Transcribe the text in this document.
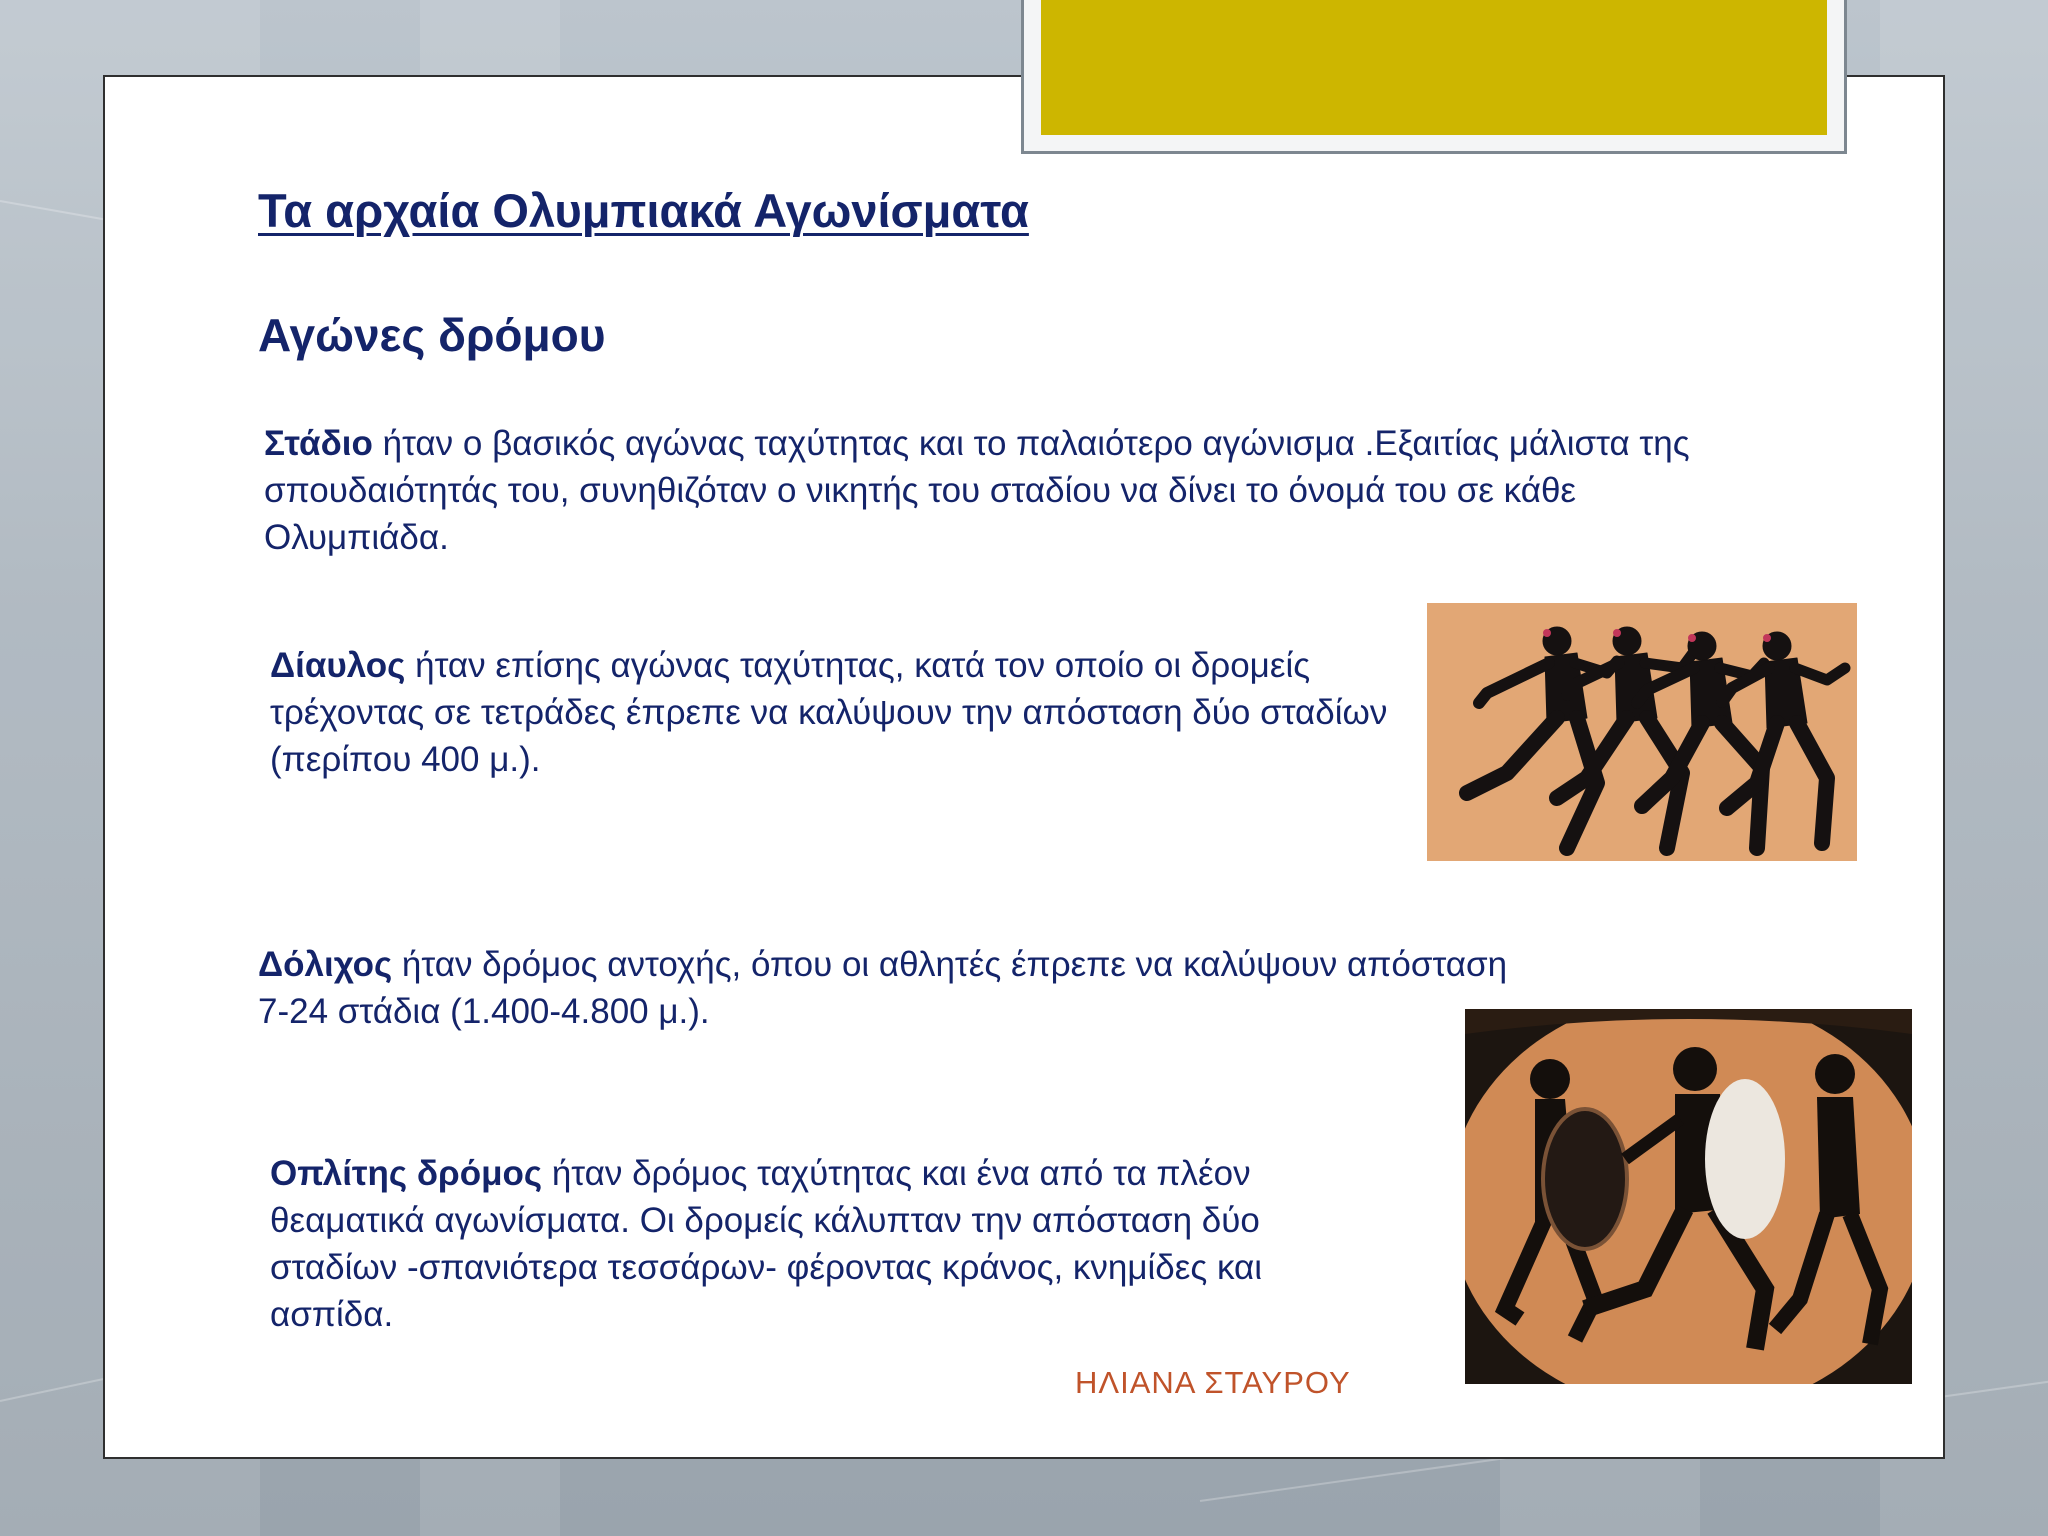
Τα αρχαία Ολυμπιακά Αγωνίσματα
Αγώνες δρόμου

Στάδιο ήταν ο βασικός αγώνας ταχύτητας και το παλαιότερο αγώνισμα .Εξαιτίας μάλιστα της σπουδαιότητάς του, συνηθιζόταν ο νικητής του σταδίου να δίνει το όνομά του σε κάθε Ολυμπιάδα.

Δίαυλος ήταν επίσης αγώνας ταχύτητας, κατά τον οποίο οι δρομείς τρέχοντας σε τετράδες έπρεπε να καλύψουν την απόσταση δύο σταδίων (περίπου 400 μ.).

Δόλιχος ήταν δρόμος αντοχής, όπου οι αθλητές έπρεπε να καλύψουν απόσταση 7-24 στάδια (1.400-4.800 μ.).

Οπλίτης δρόμος ήταν δρόμος ταχύτητας και ένα από τα πλέον θεαματικά αγωνίσματα. Οι δρομείς κάλυπταν την απόσταση δύο σταδίων -σπανιότερα τεσσάρων- φέροντας κράνος, κνημίδες και ασπίδα.

ΗΛΙΑΝΑ ΣΤΑΥΡΟΥ
